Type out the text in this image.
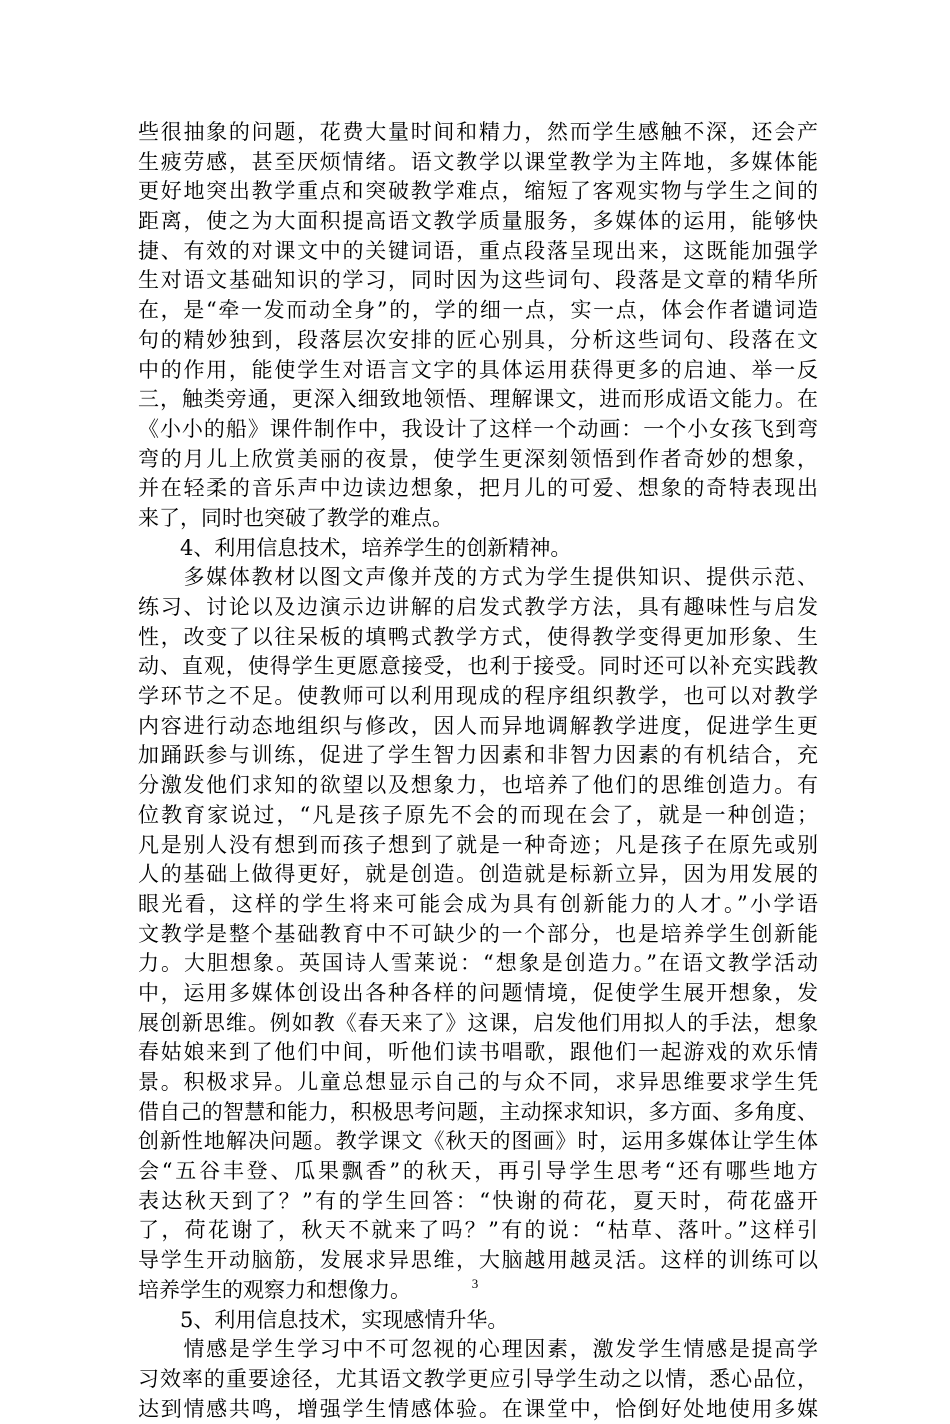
些很抽象的问题，花费大量时间和精力，然而学生感触不深，还会产
生疲劳感，甚至厌烦情绪。语文教学以课堂教学为主阵地，多媒体能
更好地突出教学重点和突破教学难点，缩短了客观实物与学生之间的
距离，使之为大面积提高语文教学质量服务，多媒体的运用，能够快
捷、有效的对课文中的关键词语，重点段落呈现出来，这既能加强学
生对语文基础知识的学习，同时因为这些词句、段落是文章的精华所
在，是“牵一发而动全身”的，学的细一点，实一点，体会作者谴词造
句的精妙独到，段落层次安排的匠心别具，分析这些词句、段落在文
中的作用，能使学生对语言文字的具体运用获得更多的启迪、举一反
三，触类旁通，更深入细致地领悟、理解课文，进而形成语文能力。在
《小小的船》课件制作中，我设计了这样一个动画：一个小女孩飞到弯
弯的月儿上欣赏美丽的夜景，使学生更深刻领悟到作者奇妙的想象，
并在轻柔的音乐声中边读边想象，把月儿的可爱、想象的奇特表现出
来了，同时也突破了教学的难点。
　　4、利用信息技术，培养学生的创新精神。
　　多媒体教材以图文声像并茂的方式为学生提供知识、提供示范、
练习、讨论以及边演示边讲解的启发式教学方法，具有趣味性与启发
性，改变了以往呆板的填鸭式教学方式，使得教学变得更加形象、生
动、直观，使得学生更愿意接受，也利于接受。同时还可以补充实践教
学环节之不足。使教师可以利用现成的程序组织教学，也可以对教学
内容进行动态地组织与修改，因人而异地调解教学进度，促进学生更
加踊跃参与训练，促进了学生智力因素和非智力因素的有机结合，充
分激发他们求知的欲望以及想象力，也培养了他们的思维创造力。有
位教育家说过，“凡是孩子原先不会的而现在会了，就是一种创造；
凡是别人没有想到而孩子想到了就是一种奇迹；凡是孩子在原先或别
人的基础上做得更好，就是创造。创造就是标新立异，因为用发展的
眼光看，这样的学生将来可能会成为具有创新能力的人才。”小学语
文教学是整个基础教育中不可缺少的一个部分，也是培养学生创新能
力。大胆想象。英国诗人雪莱说：“想象是创造力。”在语文教学活动
中，运用多媒体创设出各种各样的问题情境，促使学生展开想象，发
展创新思维。例如教《春天来了》这课，启发他们用拟人的手法，想象
春姑娘来到了他们中间，听他们读书唱歌，跟他们一起游戏的欢乐情
景。积极求异。儿童总想显示自己的与众不同，求异思维要求学生凭
借自己的智慧和能力，积极思考问题，主动探求知识，多方面、多角度、
创新性地解决问题。教学课文《秋天的图画》时，运用多媒体让学生体
会“五谷丰登、瓜果飘香”的秋天，再引导学生思考“还有哪些地方
表达秋天到了？”有的学生回答：“快谢的荷花，夏天时，荷花盛开
了，荷花谢了，秋天不就来了吗？”有的说：“枯草、落叶。”这样引
导学生开动脑筋，发展求异思维，大脑越用越灵活。这样的训练可以
培养学生的观察力和想像力。
　　5、利用信息技术，实现感情升华。
　　情感是学生学习中不可忽视的心理因素，激发学生情感是提高学
习效率的重要途径，尤其语文教学更应引导学生动之以情，悉心品位，
达到情感共鸣，增强学生情感体验。在课堂中，恰倒好处地使用多媒
3
